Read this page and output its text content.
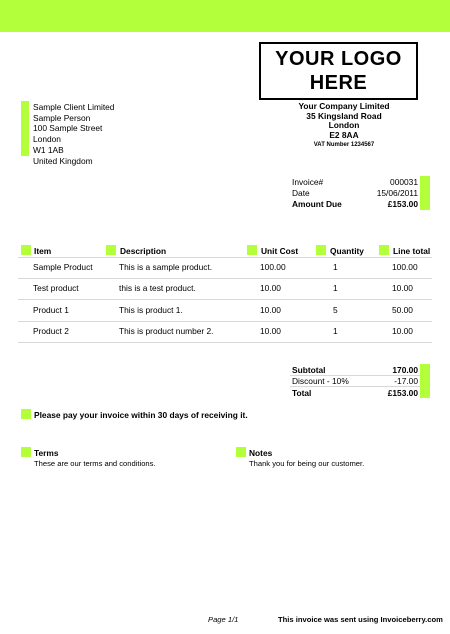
YOUR LOGO
HERE
Sample Client Limited
Sample Person
100 Sample Street
London
W1 1AB
United Kingdom
Your Company Limited
35 Kingsland Road
London
E2 8AA
VAT Number 1234567
Invoice#	000031
Date	15/06/2011
Amount Due	£153.00
Item	Description	Unit Cost	Quantity	Line total
Sample Product	This is a sample product.	100.00	1	100.00
Test product	this is a test product.	10.00	1	10.00
Product 1	This is product 1.	10.00	5	50.00
Product 2	This is product number 2.	10.00	1	10.00
Subtotal	170.00
Discount - 10%	-17.00
Total	£153.00
Please pay your invoice within 30 days of receiving it.
Terms
These are our terms and conditions.
Notes
Thank you for being our customer.
Page 1/1	This invoice was sent using Invoiceberry.com
